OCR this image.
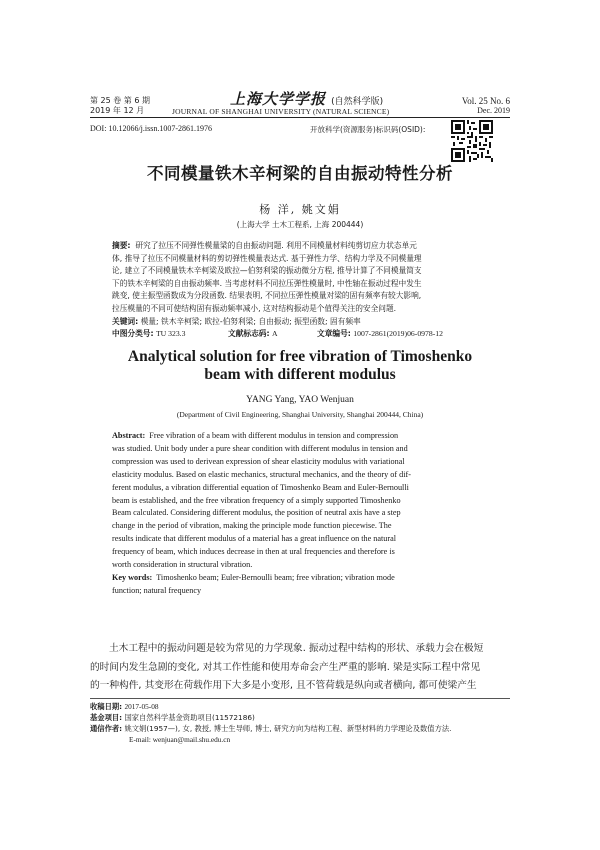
第 25 卷 第 6 期
2019 年 12 月
上海大学学报 (自然科学版)
JOURNAL OF SHANGHAI UNIVERSITY (NATURAL SCIENCE)
Vol. 25 No. 6
Dec. 2019
DOI: 10.12066/j.issn.1007-2861.1976	开放科学(资源服务)标识码(OSID):
不同模量铁木辛柯梁的自由振动特性分析
杨 洋, 姚文娟
(上海大学 土木工程系, 上海 200444)
摘要: 研究了拉压不同弹性模量梁的自由振动问题. 利用不同模量材料纯剪切应力状态单元
体, 推导了拉压不同模量材料的剪切弹性模量表达式. 基于弹性力学、结构力学及不同模量理
论, 建立了不同模量铁木辛柯梁及欧拉—伯努利梁的振动微分方程, 推导计算了不同模量简支
下的铁木辛柯梁的自由振动频率. 当考虑材料不同拉压弹性模量时, 中性轴在振动过程中发生
跳变, 使主振型函数成为分段函数. 结果表明, 不同拉压弹性模量对梁的固有频率有较大影响,
拉压模量的不同可使结构固有振动频率减小, 这对结构振动是个值得关注的安全问题.
关键词: 模量; 铁木辛柯梁; 欧拉-伯努利梁; 自由振动; 振型函数; 固有频率
中图分类号: TU 323.3	文献标志码: A	文章编号: 1007-2861(2019)06-0978-12
Analytical solution for free vibration of Timoshenko
beam with different modulus
YANG Yang, YAO Wenjuan
(Department of Civil Engineering, Shanghai University, Shanghai 200444, China)
Abstract: Free vibration of a beam with different modulus in tension and compression
was studied. Unit body under a pure shear condition with different modulus in tension and
compression was used to derivean expression of shear elasticity modulus with variational
elasticity modulus. Based on elastic mechanics, structural mechanics, and the theory of dif-
ferent modulus, a vibration differential equation of Timoshenko Beam and Euler-Bernoulli
beam is established, and the free vibration frequency of a simply supported Timoshenko
Beam calculated. Considering different modulus, the position of neutral axis have a step
change in the period of vibration, making the principle mode function piecewise. The
results indicate that different modulus of a material has a great influence on the natural
frequency of beam, which induces decrease in then at ural frequencies and therefore is
worth consideration in structural vibration.
Key words: Timoshenko beam; Euler-Bernoulli beam; free vibration; vibration mode
function; natural frequency
土木工程中的振动问题是较为常见的力学现象. 振动过程中结构的形状、承载力会在极短
的时间内发生急剧的变化, 对其工作性能和使用寿命会产生严重的影响. 梁是实际工程中常见
的一种构件, 其变形在荷载作用下大多是小变形, 且不管荷载是纵向或者横向, 都可使梁产生
收稿日期: 2017-05-08
基金项目: 国家自然科学基金资助项目(11572186)
通信作者: 姚文娟(1957—), 女, 教授, 博士生导师, 博士, 研究方向为结构工程、新型材料的力学理论及数值方法.
E-mail: wenjuan@mail.shu.edu.cn
